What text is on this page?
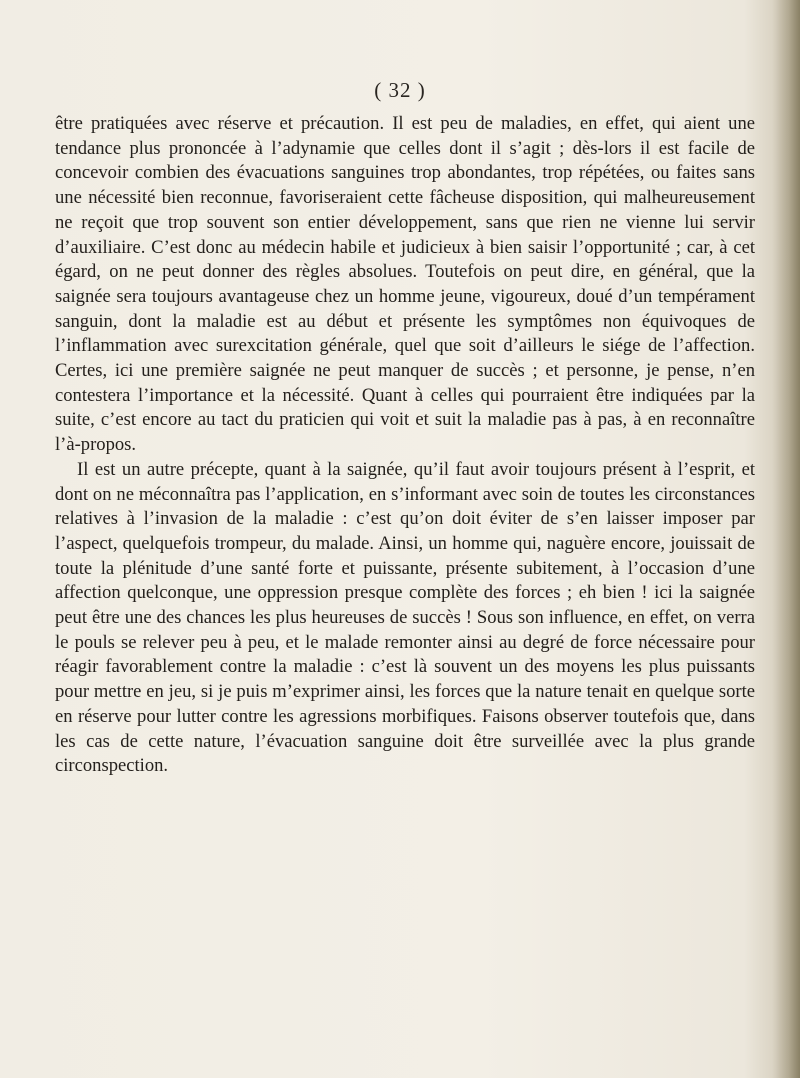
( 32 )

être pratiquées avec réserve et précaution. Il est peu de maladies, en effet, qui aient une tendance plus prononcée à l’adynamie que celles dont il s’agit ; dès-lors il est facile de concevoir combien des évacuations sanguines trop abondantes, trop répétées, ou faites sans une nécessité bien reconnue, favoriseraient cette fâcheuse disposition, qui malheureusement ne reçoit que trop souvent son entier développement, sans que rien ne vienne lui servir d’auxiliaire. C’est donc au médecin habile et judicieux à bien saisir l’opportunité ; car, à cet égard, on ne peut donner des règles absolues. Toutefois on peut dire, en général, que la saignée sera toujours avantageuse chez un homme jeune, vigoureux, doué d’un tempérament sanguin, dont la maladie est au début et présente les symptômes non équivoques de l’inflammation avec surexcitation générale, quel que soit d’ailleurs le siége de l’affection. Certes, ici une première saignée ne peut manquer de succès ; et personne, je pense, n’en contestera l’importance et la nécessité. Quant à celles qui pourraient être indiquées par la suite, c’est encore au tact du praticien qui voit et suit la maladie pas à pas, à en reconnaître l’à-propos.

Il est un autre précepte, quant à la saignée, qu’il faut avoir toujours présent à l’esprit, et dont on ne méconnaîtra pas l’application, en s’informant avec soin de toutes les circonstances relatives à l’invasion de la maladie : c’est qu’on doit éviter de s’en laisser imposer par l’aspect, quelquefois trompeur, du malade. Ainsi, un homme qui, naguère encore, jouissait de toute la plénitude d’une santé forte et puissante, présente subitement, à l’occasion d’une affection quelconque, une oppression presque complète des forces ; eh bien ! ici la saignée peut être une des chances les plus heureuses de succès ! Sous son influence, en effet, on verra le pouls se relever peu à peu, et le malade remonter ainsi au degré de force nécessaire pour réagir favorablement contre la maladie : c’est là souvent un des moyens les plus puissants pour mettre en jeu, si je puis m’exprimer ainsi, les forces que la nature tenait en quelque sorte en réserve pour lutter contre les agressions morbifiques. Faisons observer toutefois que, dans les cas de cette nature, l’évacuation sanguine doit être surveillée avec la plus grande circonspection.
